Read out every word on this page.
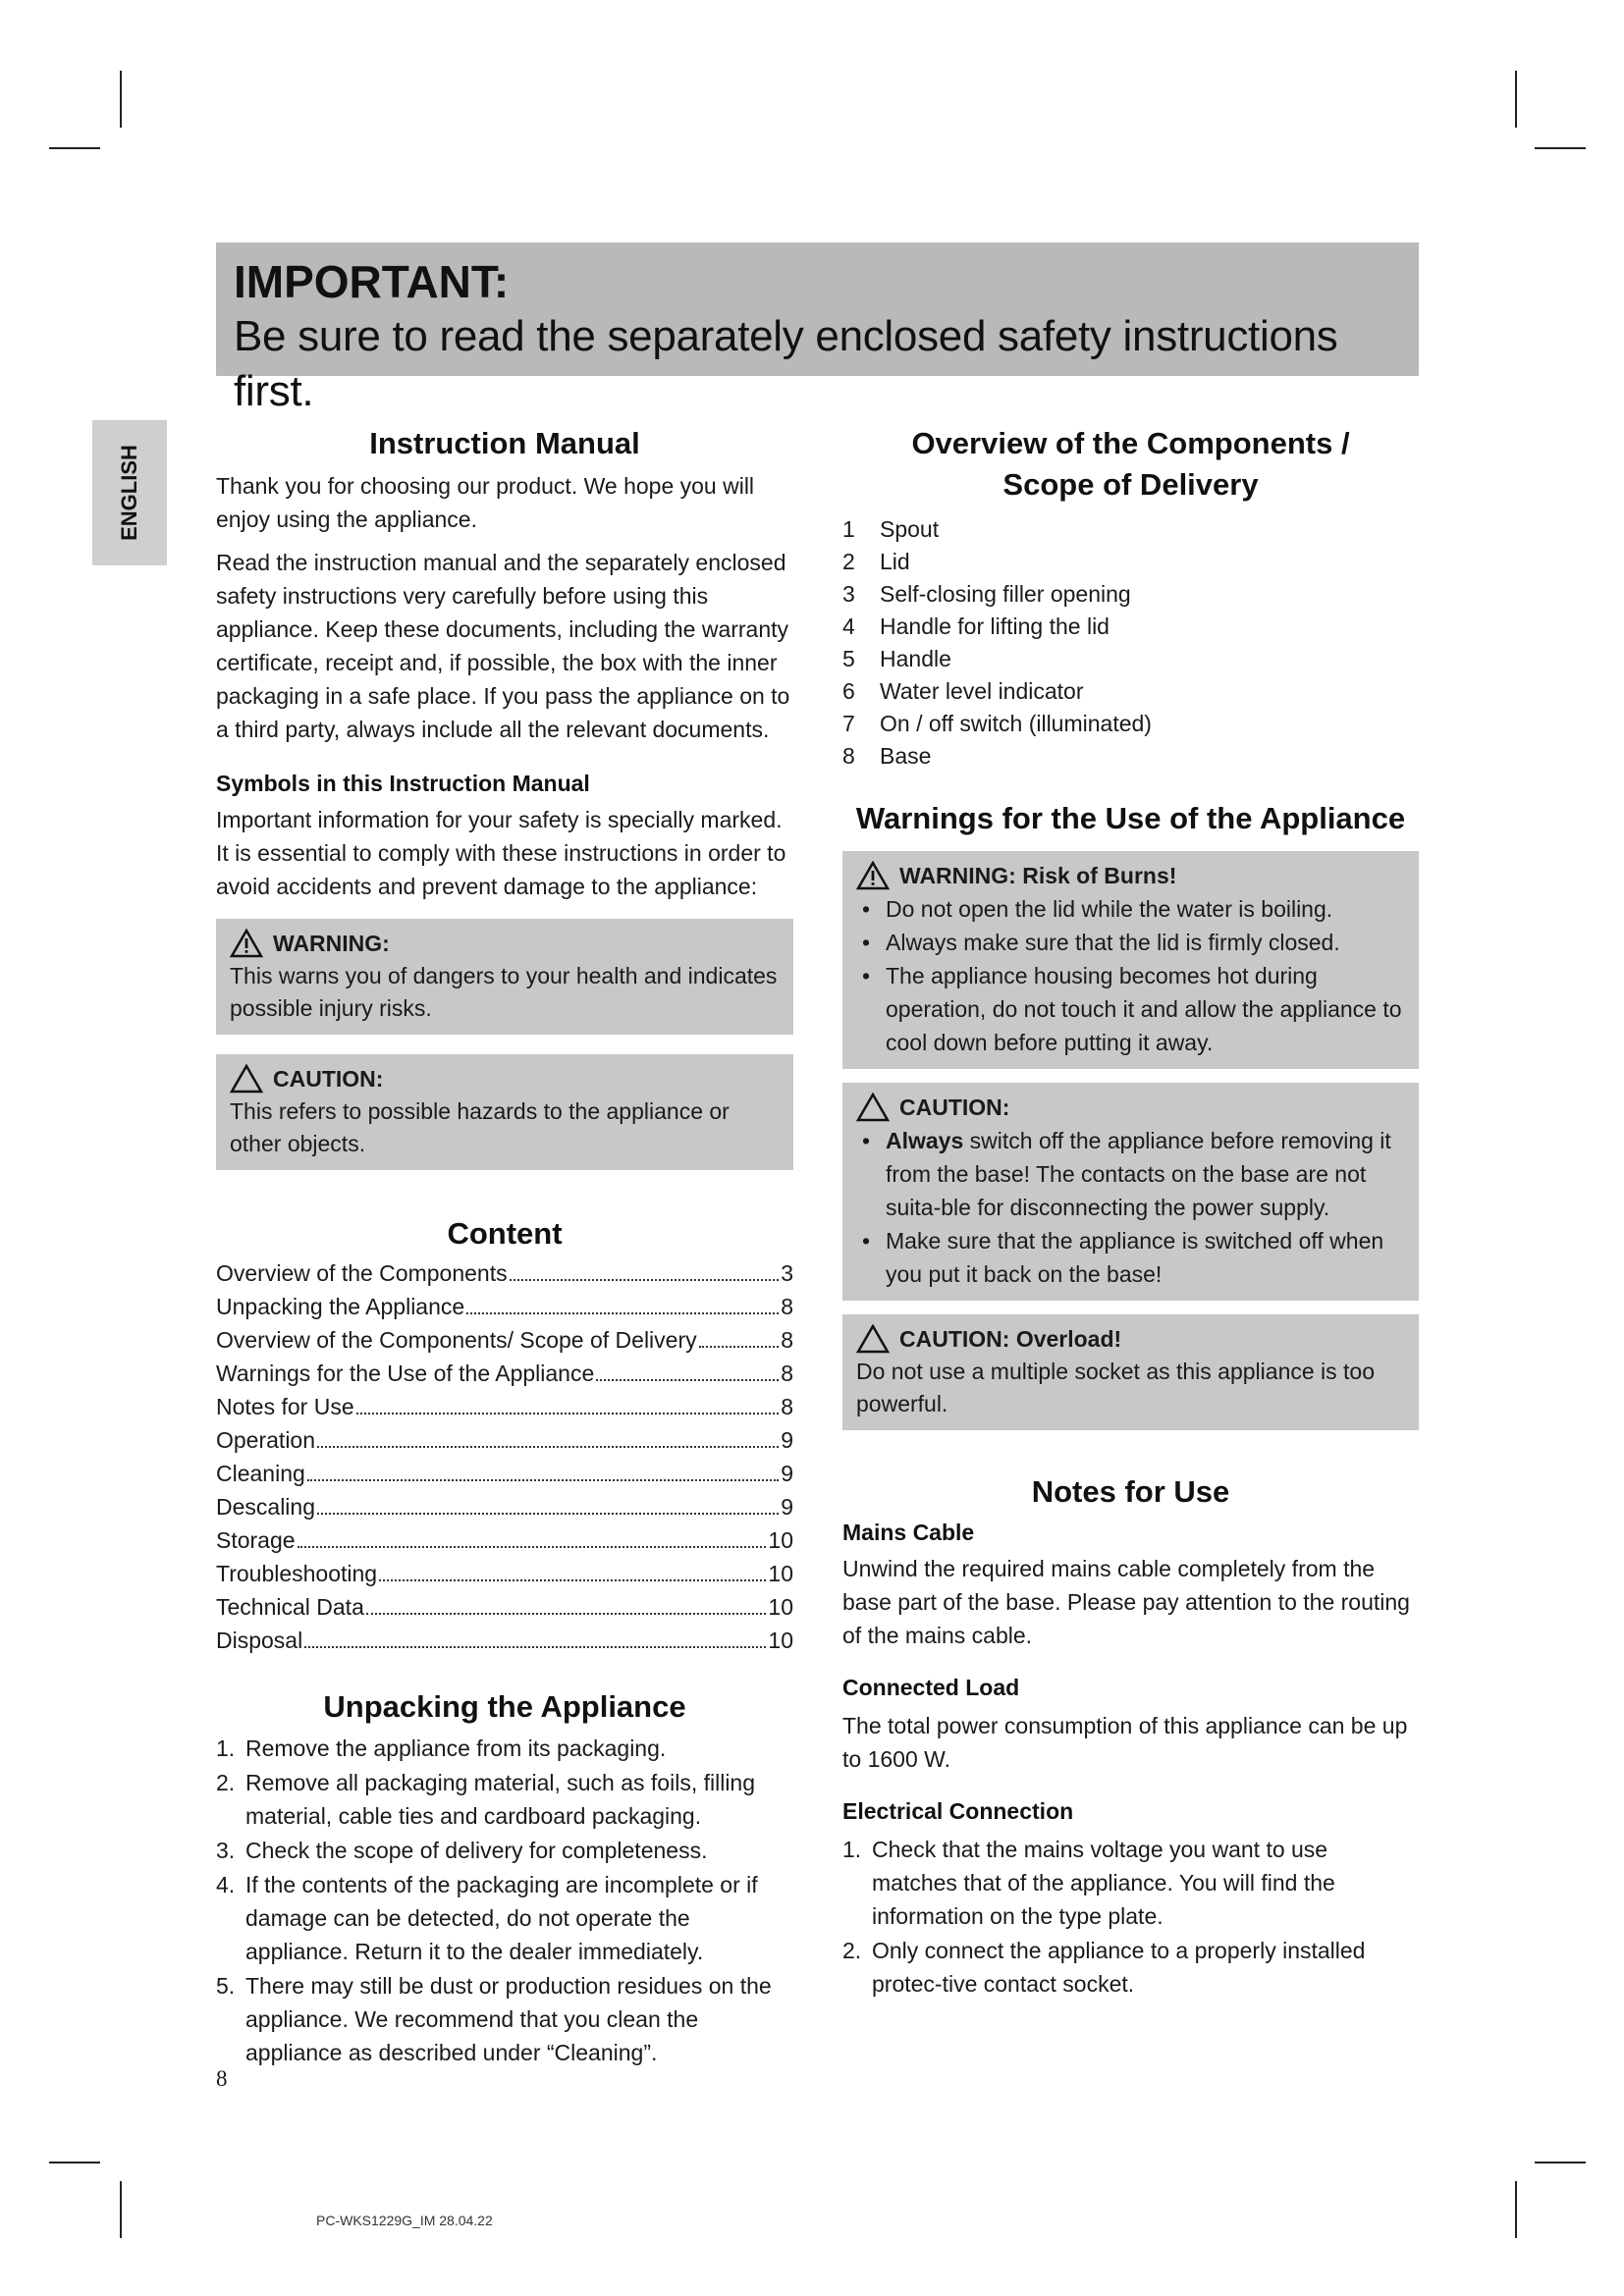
IMPORTANT:
Be sure to read the separately enclosed safety instructions first.
ENGLISH
Instruction Manual

Thank you for choosing our product. We hope you will enjoy using the appliance.

Read the instruction manual and the separately enclosed safety instructions very carefully before using this appliance. Keep these documents, including the warranty certificate, receipt and, if possible, the box with the inner packaging in a safe place. If you pass the appliance on to a third party, always include all the relevant documents.

Symbols in this Instruction Manual

Important information for your safety is specially marked. It is essential to comply with these instructions in order to avoid accidents and prevent damage to the appliance:

WARNING:

This warns you of dangers to your health and indicates possible injury risks.

CAUTION:

This refers to possible hazards to the appliance or other objects.

Content
Overview of the Components	3
Unpacking the Appliance	8
Overview of the Components/ Scope of Delivery	8
Warnings for the Use of the Appliance	8
Notes for Use	8
Operation	9
Cleaning	9
Descaling	9
Storage	10
Troubleshooting	10
Technical Data	10
Disposal	10
Unpacking the Appliance
1. Remove the appliance from its packaging.
2. Remove all packaging material, such as foils, filling material, cable ties and cardboard packaging.
3. Check the scope of delivery for completeness.
4. If the contents of the packaging are incomplete or if damage can be detected, do not operate the appliance. Return it to the dealer immediately.
5. There may still be dust or production residues on the appliance. We recommend that you clean the appliance as described under “Cleaning”.
Overview of the Components /
Scope of Delivery
1	Spout
2	Lid
3	Self-closing filler opening
4	Handle for lifting the lid
5	Handle
6	Water level indicator
7	On / off switch (illuminated)
8	Base
Warnings for the Use of the Appliance
WARNING: Risk of Burns!
• Do not open the lid while the water is boiling.
• Always make sure that the lid is firmly closed.
• The appliance housing becomes hot during operation, do not touch it and allow the appliance to cool down before putting it away.
CAUTION:
• Always switch off the appliance before removing it from the base! The contacts on the base are not suita-ble for disconnecting the power supply.
• Make sure that the appliance is switched off when you put it back on the base!
CAUTION: Overload!

Do not use a multiple socket as this appliance is too powerful.

Notes for Use
Mains Cable

Unwind the required mains cable completely from the base part of the base. Please pay attention to the routing of the mains cable.

Connected Load

The total power consumption of this appliance can be up to 1600 W.

Electrical Connection
1. Check that the mains voltage you want to use matches that of the appliance. You will find the information on the type plate.
2. Only connect the appliance to a properly installed protec-tive contact socket.
8
PC-WKS1229G_IM 28.04.22
